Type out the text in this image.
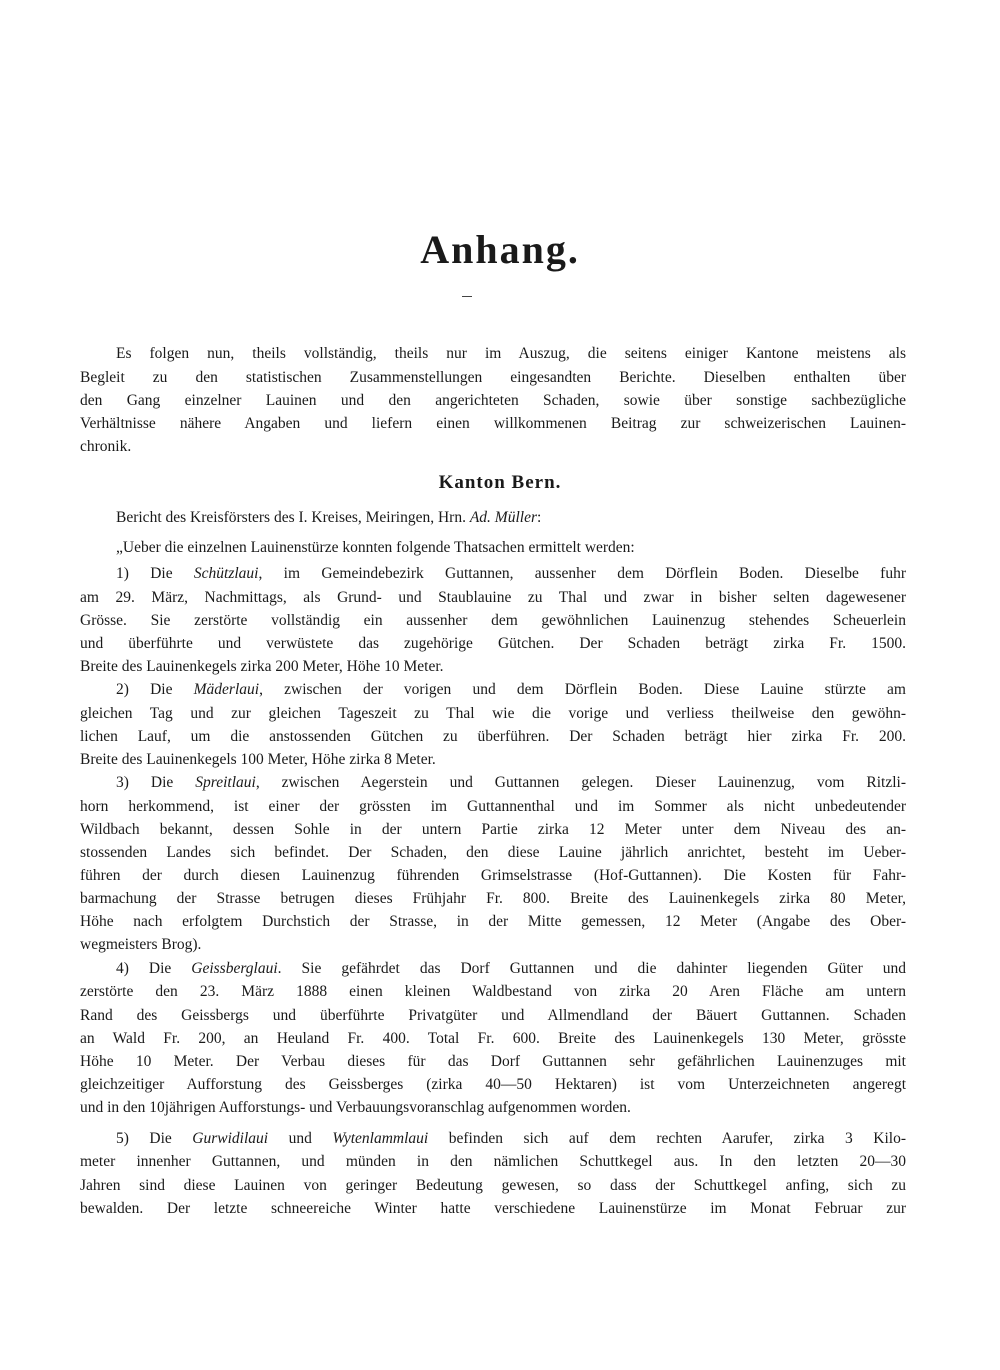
Anhang.
Kanton Bern.
Es folgen nun, theils vollständig, theils nur im Auszug, die seitens einiger Kantone meistens als
Begleit zu den statistischen Zusammenstellungen eingesandten Berichte. Dieselben enthalten über
den Gang einzelner Lauinen und den angerichteten Schaden, sowie über sonstige sachbezügliche
Verhältnisse nähere Angaben und liefern einen willkommenen Beitrag zur schweizerischen Lauinen-
chronik.
Bericht des Kreisförsters des I. Kreises, Meiringen, Hrn. Ad. Müller:
„Ueber die einzelnen Lauinenstürze konnten folgende Thatsachen ermittelt werden:
1) Die Schützlaui, im Gemeindebezirk Guttannen, aussenher dem Dörflein Boden. Dieselbe fuhr
am 29. März, Nachmittags, als Grund- und Staublauine zu Thal und zwar in bisher selten dagewesener
Grösse. Sie zerstörte vollständig ein aussenher dem gewöhnlichen Lauinenzug stehendes Scheuerlein
und überführte und verwüstete das zugehörige Gütchen. Der Schaden beträgt zirka Fr. 1500.
Breite des Lauinenkegels zirka 200 Meter, Höhe 10 Meter.
2) Die Mäderlaui, zwischen der vorigen und dem Dörflein Boden. Diese Lauine stürzte am
gleichen Tag und zur gleichen Tageszeit zu Thal wie die vorige und verliess theilweise den gewöhn-
lichen Lauf, um die anstossenden Gütchen zu überführen. Der Schaden beträgt hier zirka Fr. 200.
Breite des Lauinenkegels 100 Meter, Höhe zirka 8 Meter.
3) Die Spreitlaui, zwischen Aegerstein und Guttannen gelegen. Dieser Lauinenzug, vom Ritzli-
horn herkommend, ist einer der grössten im Guttannenthal und im Sommer als nicht unbedeutender
Wildbach bekannt, dessen Sohle in der untern Partie zirka 12 Meter unter dem Niveau des an-
stossenden Landes sich befindet. Der Schaden, den diese Lauine jährlich anrichtet, besteht im Ueber-
führen der durch diesen Lauinenzug führenden Grimselstrasse (Hof-Guttannen). Die Kosten für Fahr-
barmachung der Strasse betrugen dieses Frühjahr Fr. 800. Breite des Lauinenkegels zirka 80 Meter,
Höhe nach erfolgtem Durchstich der Strasse, in der Mitte gemessen, 12 Meter (Angabe des Ober-
wegmeisters Brog).
4) Die Geissberglaui. Sie gefährdet das Dorf Guttannen und die dahinter liegenden Güter und
zerstörte den 23. März 1888 einen kleinen Waldbestand von zirka 20 Aren Fläche am untern
Rand des Geissbergs und überführte Privatgüter und Allmendland der Bäuert Guttannen. Schaden
an Wald Fr. 200, an Heuland Fr. 400. Total Fr. 600. Breite des Lauinenkegels 130 Meter, grösste
Höhe 10 Meter. Der Verbau dieses für das Dorf Guttannen sehr gefährlichen Lauinenzuges mit
gleichzeitiger Aufforstung des Geissberges (zirka 40—50 Hektaren) ist vom Unterzeichneten angeregt
und in den 10jährigen Aufforstungs- und Verbauungsvoranschlag aufgenommen worden.
5) Die Gurwidilaui und Wytenlammlaui befinden sich auf dem rechten Aarufer, zirka 3 Kilo-
meter innenher Guttannen, und münden in den nämlichen Schuttkegel aus. In den letzten 20—30
Jahren sind diese Lauinen von geringer Bedeutung gewesen, so dass der Schuttkegel anfing, sich zu
bewalden. Der letzte schneereiche Winter hatte verschiedene Lauinenstürze im Monat Februar zur
